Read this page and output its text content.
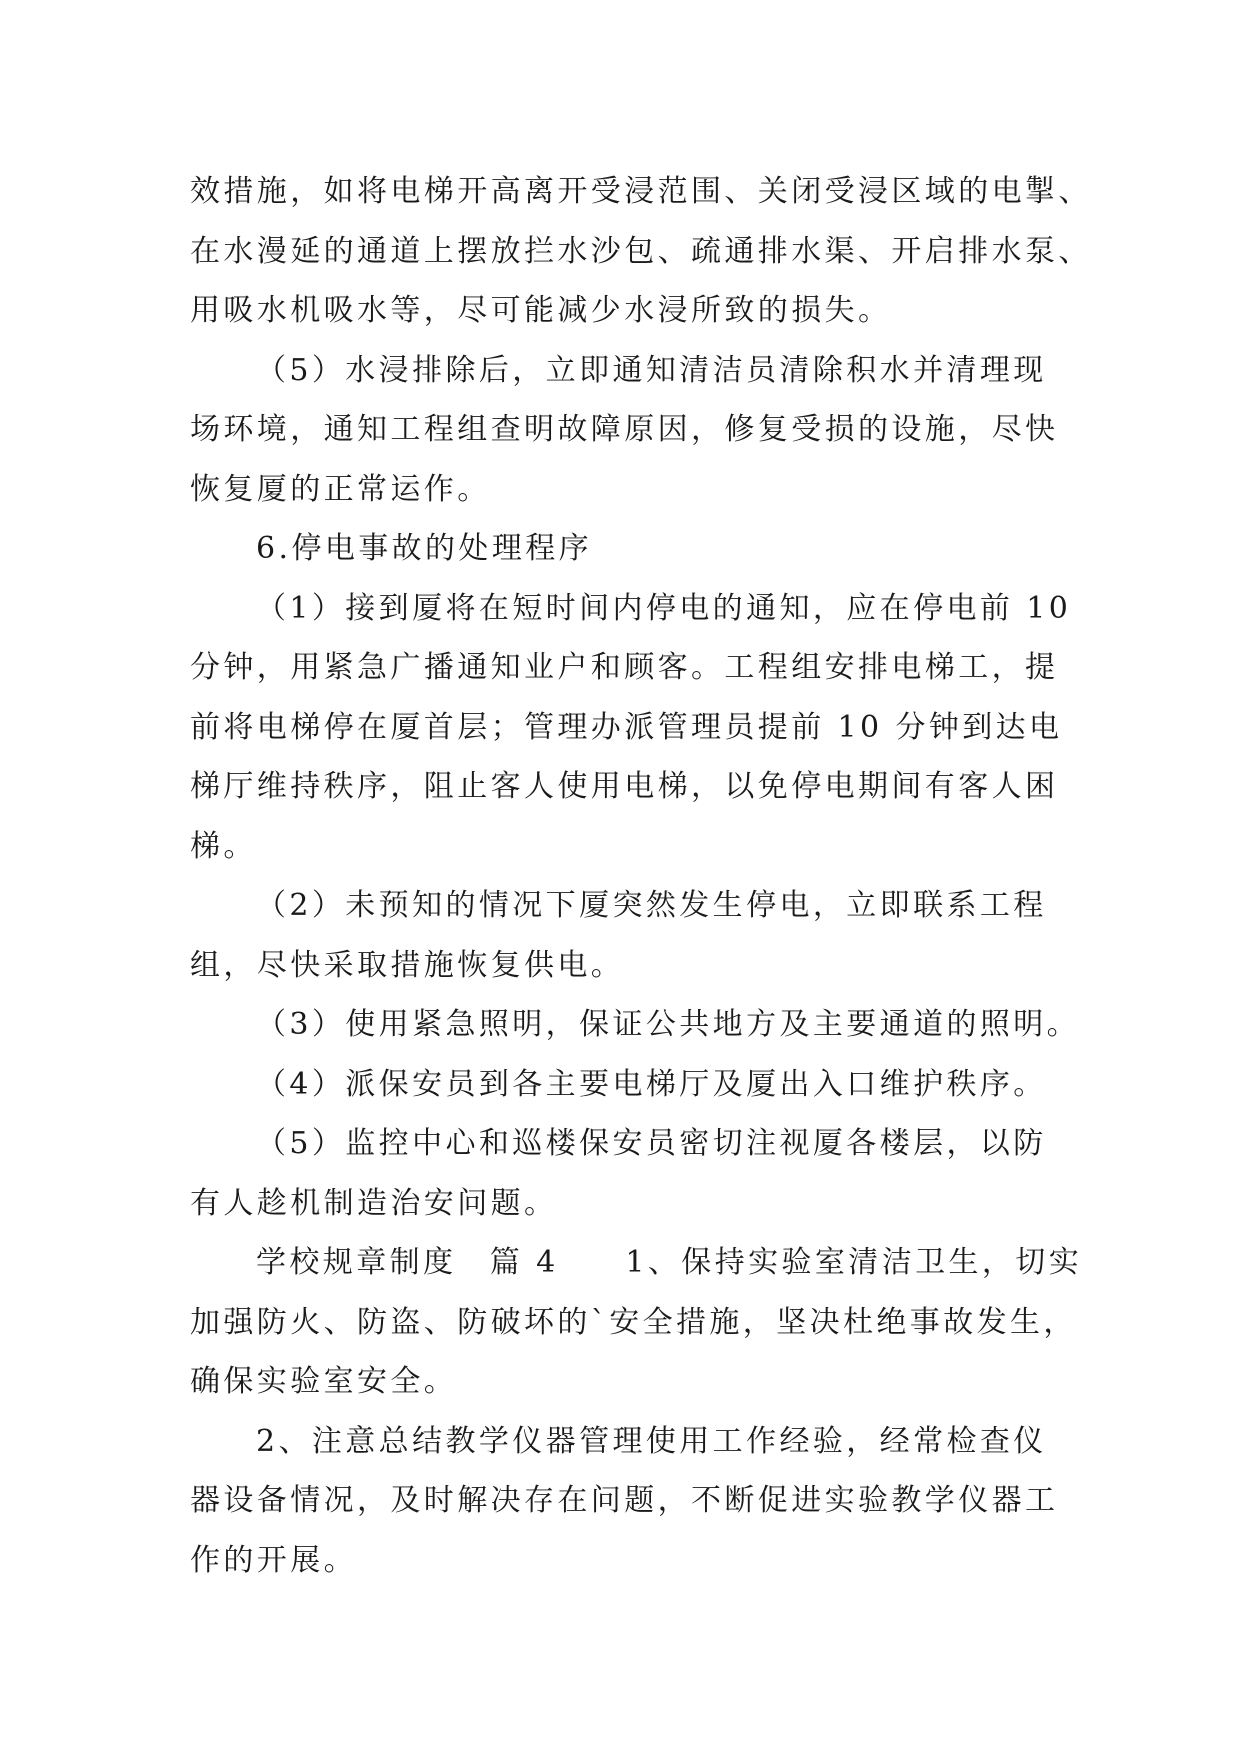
效措施，如将电梯开高离开受浸范围、关闭受浸区域的电掣、
在水漫延的通道上摆放拦水沙包、疏通排水渠、开启排水泵、
用吸水机吸水等，尽可能减少水浸所致的损失。
（5）水浸排除后，立即通知清洁员清除积水并清理现
场环境，通知工程组查明故障原因，修复受损的设施，尽快
恢复厦的正常运作。
6.停电事故的处理程序
（1）接到厦将在短时间内停电的通知，应在停电前 10
分钟，用紧急广播通知业户和顾客。工程组安排电梯工，提
前将电梯停在厦首层；管理办派管理员提前 10 分钟到达电
梯厅维持秩序，阻止客人使用电梯，以免停电期间有客人困
梯。
（2）未预知的情况下厦突然发生停电，立即联系工程
组，尽快采取措施恢复供电。
（3）使用紧急照明，保证公共地方及主要通道的照明。
（4）派保安员到各主要电梯厅及厦出入口维护秩序。
（5）监控中心和巡楼保安员密切注视厦各楼层，以防
有人趁机制造治安问题。
学校规章制度　篇 4　　1、保持实验室清洁卫生，切实
加强防火、防盗、防破坏的`安全措施，坚决杜绝事故发生，
确保实验室安全。
2、注意总结教学仪器管理使用工作经验，经常检查仪
器设备情况，及时解决存在问题，不断促进实验教学仪器工
作的开展。
